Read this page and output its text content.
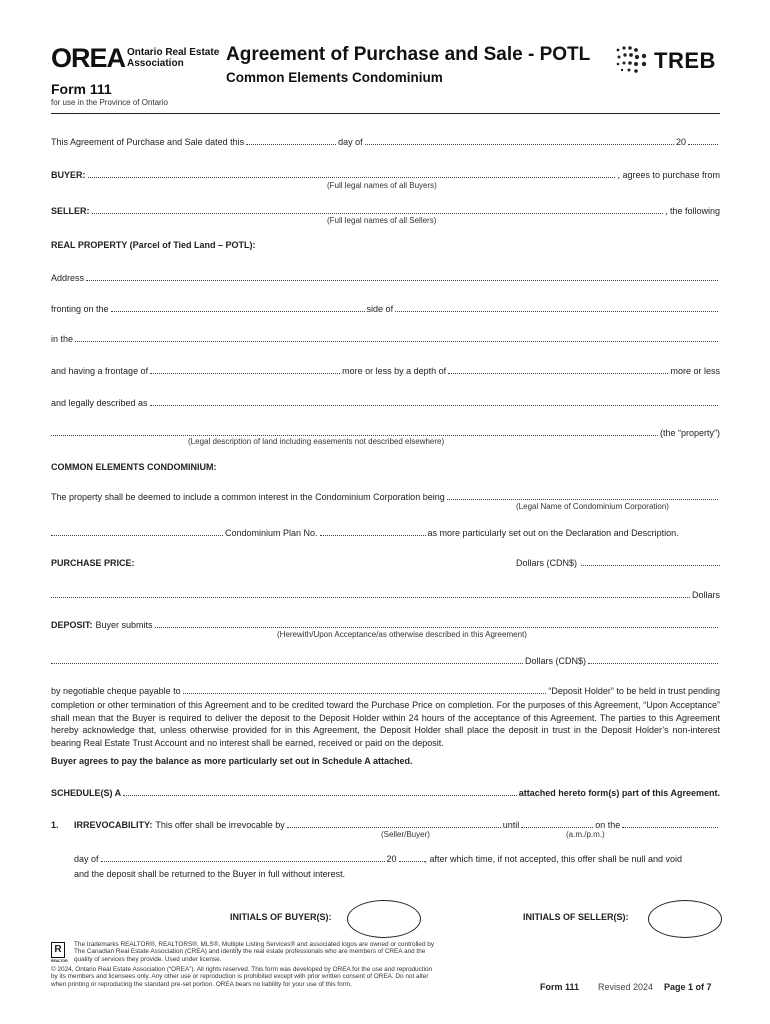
OREA Ontario Real Estate
Association
Form 111
for use in the Province of Ontario
Agreement of Purchase and Sale - POTL
Common Elements Condominium
TREB
This Agreement of Purchase and Sale dated this	day of	20
BUYER:	, agrees to purchase from
(Full legal names of all Buyers)
SELLER:	, the following
(Full legal names of all Sellers)
REAL PROPERTY (Parcel of Tied Land – POTL):
Address
fronting on the	side of
in the
and having a frontage of	more or less by a depth of	more or less
and legally described as
(the “property”)
(Legal description of land including easements not described elsewhere)
COMMON ELEMENTS CONDOMINIUM:
The property shall be deemed to include a common interest in the Condominium Corporation being
(Legal Name of Condominium Corporation)
Condominium Plan No.	as more particularly set out on the Declaration and Description.
PURCHASE PRICE:	Dollars (CDN$)
Dollars
DEPOSIT: Buyer submits
(Herewith/Upon Acceptance/as otherwise described in this Agreement)
Dollars (CDN$)
by negotiable cheque payable to	“Deposit Holder” to be held in trust pending
completion or other termination of this Agreement and to be credited toward the Purchase Price on completion. For the purposes of this Agreement, “Upon Acceptance” shall mean that the Buyer is required to deliver the deposit to the Deposit Holder within 24 hours of the acceptance of this Agreement. The parties to this Agreement hereby acknowledge that, unless otherwise provided for in this Agreement, the Deposit Holder shall place the deposit in trust in the Deposit Holder’s non-interest bearing Real Estate Trust Account and no interest shall be earned, received or paid on the deposit.
Buyer agrees to pay the balance as more particularly set out in Schedule A attached.
SCHEDULE(S) A	attached hereto form(s) part of this Agreement.
1.	IRREVOCABILITY: This offer shall be irrevocable by	until	on the
(Seller/Buyer)	(a.m./p.m.)
day of	20	, after which time, if not accepted, this offer shall be null and void
and the deposit shall be returned to the Buyer in full without interest.
INITIALS OF BUYER(S):	INITIALS OF SELLER(S):
R
REALTOR
The trademarks REALTOR®, REALTORS®, MLS®, Multiple Listing Services® and associated logos are owned or controlled by
The Canadian Real Estate Association (CREA) and identify the real estate professionals who are members of CREA and the
quality of services they provide. Used under license.
© 2024, Ontario Real Estate Association (“OREA”). All rights reserved. This form was developed by OREA for the use and reproduction
by its members and licensees only. Any other use or reproduction is prohibited except with prior written consent of OREA. Do not alter
when printing or reproducing the standard pre-set portion. OREA bears no liability for your use of this form.	Form 111 Revised 2024 Page 1 of 7
